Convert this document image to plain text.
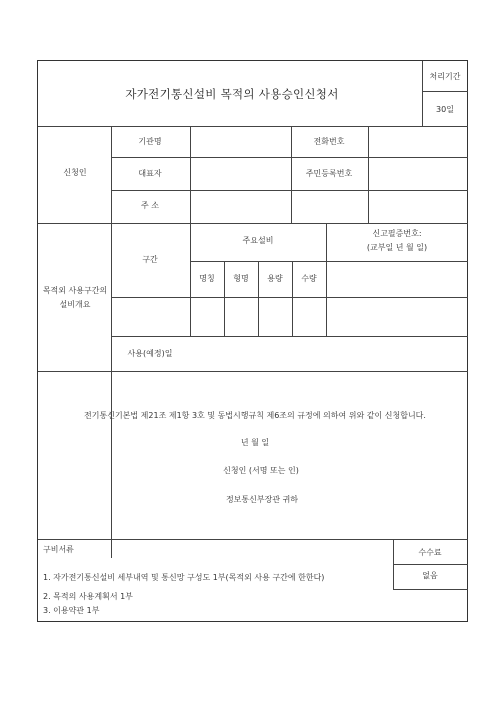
자가전기통신설비 목적의 사용승인신청서
처리기간
30일
신청인
기관명	전화번호
대표자	주민등록번호
주 소
목적외 사용구간의
설비개요
구간
주요설비
신고필증번호:
(교부일 년 월 일)
명칭 형명 용량 수량
사용(예정)일
전기통신기본법 제21조 제1항 3호 및 동법시행규칙 제6조의 규정에 의하여 위와 같이 신청합니다.
년 월 일
신청인 (서명 또는 인)
정보통신부장관 귀하
구비서류
1. 자가전기통신설비 세부내역 및 통신망 구성도 1부(목적외 사용 구간에 한한다)
2. 목적의 사용계획서 1부
3. 이용약관 1부
수수료
없음
